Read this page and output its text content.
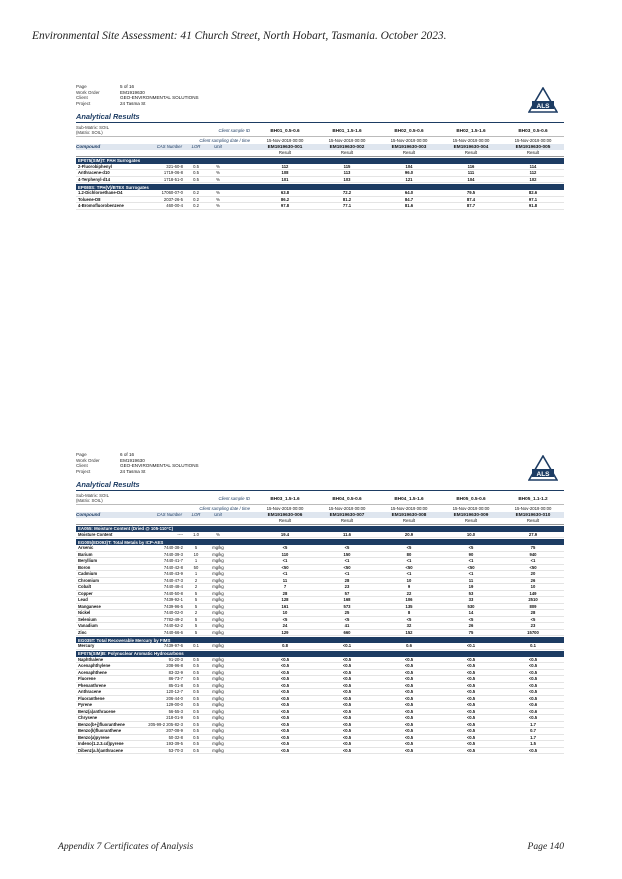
Environmental Site Assessment: 41 Church Street, North Hobart, Tasmania. October 2023.
Page	5 of 16
Work Order	EM1919630
Client	GEO-ENVIRONMENTAL SOLUTIONS
Project	24 Tasma St	ALS
Analytical Results
Sub-Matrix: SOIL
(Matrix: SOIL)	Client sample ID	BH01_0.5-0.6	BH01_1.5-1.6	BH02_0.5-0.6	BH02_1.5-1.6	BH03_0.5-0.6
Client sampling date / time	15-Nov-2019 00:00	15-Nov-2019 00:00	15-Nov-2019 00:00	15-Nov-2019 00:00	15-Nov-2019 00:00
Compound	CAS Number	LOR	Unit	EM1919630-001	EM1919630-002	EM1919630-003	EM1919630-004	EM1919630-005
Result	Result	Result	Result	Result
EP075(SIM)T: PAH Surrogates
2-Fluorobiphenyl	321-60-8	0.5	%	112	115	104	116	114
Anthracene-d10	1719-06-8	0.5	%	108	113	96.0	111	112
4-Terphenyl-d14	1718-51-0	0.5	%	101	103	121	104	102
EP080S: TPH(V)/BTEX Surrogates
1.2-Dichloroethane-D4	17060-07-0	0.2	%	63.8	72.2	64.0	79.5	82.6
Toluene-D8	2037-26-5	0.2	%	86.2	81.2	84.7	87.4	97.1
4-Bromofluorobenzene	460-00-4	0.2	%	97.8	77.1	81.6	87.7	91.8
Page	6 of 16
Work Order	EM1919630
Client	GEO-ENVIRONMENTAL SOLUTIONS
Project	24 Tasma St	ALS
Analytical Results
Sub-Matrix: SOIL
(Matrix: SOIL)	Client sample ID	BH03_1.5-1.6	BH04_0.5-0.6	BH04_1.5-1.6	BH05_0.5-0.6	BH05_1.1-1.2
Client sampling date / time	15-Nov-2019 00:00	15-Nov-2019 00:00	15-Nov-2019 00:00	15-Nov-2019 00:00	15-Nov-2019 00:00
Compound	CAS Number	LOR	Unit	EM1919630-006	EM1919630-007	EM1919630-008	EM1919630-009	EM1919630-010
Result	Result	Result	Result	Result
EA055: Moisture Content (Dried @ 105-110°C)
Moisture Content	----	1.0	%	19.4	11.6	20.9	10.0	27.9
EG005(ED093)T: Total Metals by ICP-AES
Arsenic	7440-38-2	5	mg/kg	<5	<5	<5	<5	75
Barium	7440-39-3	10	mg/kg	110	150	80	90	940
Beryllium	7440-41-7	1	mg/kg	<1	<1	<1	<1	<1
Boron	7440-42-8	50	mg/kg	<50	<50	<50	<50	<50
Cadmium	7440-43-9	1	mg/kg	<1	<1	<1	<1	20
Chromium	7440-47-3	2	mg/kg	11	28	10	11	26
Cobalt	7440-48-4	2	mg/kg	7	23	9	19	10
Copper	7440-50-8	5	mg/kg	28	57	22	53	149
Lead	7439-92-1	5	mg/kg	128	168	106	33	2510
Manganese	7439-96-5	5	mg/kg	161	573	135	530	809
Nickel	7440-02-0	2	mg/kg	10	25	8	14	28
Selenium	7782-49-2	5	mg/kg	<5	<5	<5	<5	<5
Vanadium	7440-62-2	5	mg/kg	24	41	32	26	23
Zinc	7440-66-6	5	mg/kg	129	660	152	75	15700
EG035T: Total Recoverable Mercury by FIMS
Mercury	7439-97-6	0.1	mg/kg	0.8	<0.1	0.6	<0.1	0.1
EP075(SIM)B: Polynuclear Aromatic Hydrocarbons
Naphthalene	91-20-3	0.5	mg/kg	<0.5	<0.5	<0.5	<0.5	<0.5
Acenaphthylene	208-96-8	0.5	mg/kg	<0.5	<0.5	<0.5	<0.5	<0.5
Acenaphthene	83-32-9	0.5	mg/kg	<0.5	<0.5	<0.5	<0.5	<0.5
Fluorene	86-73-7	0.5	mg/kg	<0.5	<0.5	<0.5	<0.5	<0.5
Phenanthrene	85-01-8	0.5	mg/kg	<0.5	<0.5	<0.5	<0.5	<0.5
Anthracene	120-12-7	0.5	mg/kg	<0.5	<0.5	<0.5	<0.5	<0.5
Fluoranthene	206-44-0	0.5	mg/kg	<0.5	<0.5	<0.5	<0.5	<0.5
Pyrene	129-00-0	0.5	mg/kg	<0.5	<0.5	<0.5	<0.5	<0.6
Benz(a)anthracene	56-55-3	0.5	mg/kg	<0.5	<0.5	<0.5	<0.5	<0.6
Chrysene	218-01-9	0.5	mg/kg	<0.5	<0.5	<0.5	<0.5	<0.5
Benzo(b+j)fluoranthene	205-99-2 205-82-3	0.5	mg/kg	<0.5	<0.5	<0.5	<0.5	1.7
Benzo(k)fluoranthene	207-08-9	0.5	mg/kg	<0.5	<0.5	<0.5	<0.5	0.7
Benzo(a)pyrene	50-32-8	0.5	mg/kg	<0.5	<0.5	<0.5	<0.5	1.7
Indeno(1.2.3.cd)pyrene	193-39-5	0.5	mg/kg	<0.5	<0.5	<0.5	<0.5	1.5
Dibenz(a.h)anthracene	53-70-3	0.5	mg/kg	<0.5	<0.5	<0.5	<0.5	<0.5
Appendix 7 Certificates of Analysis	Page 140
